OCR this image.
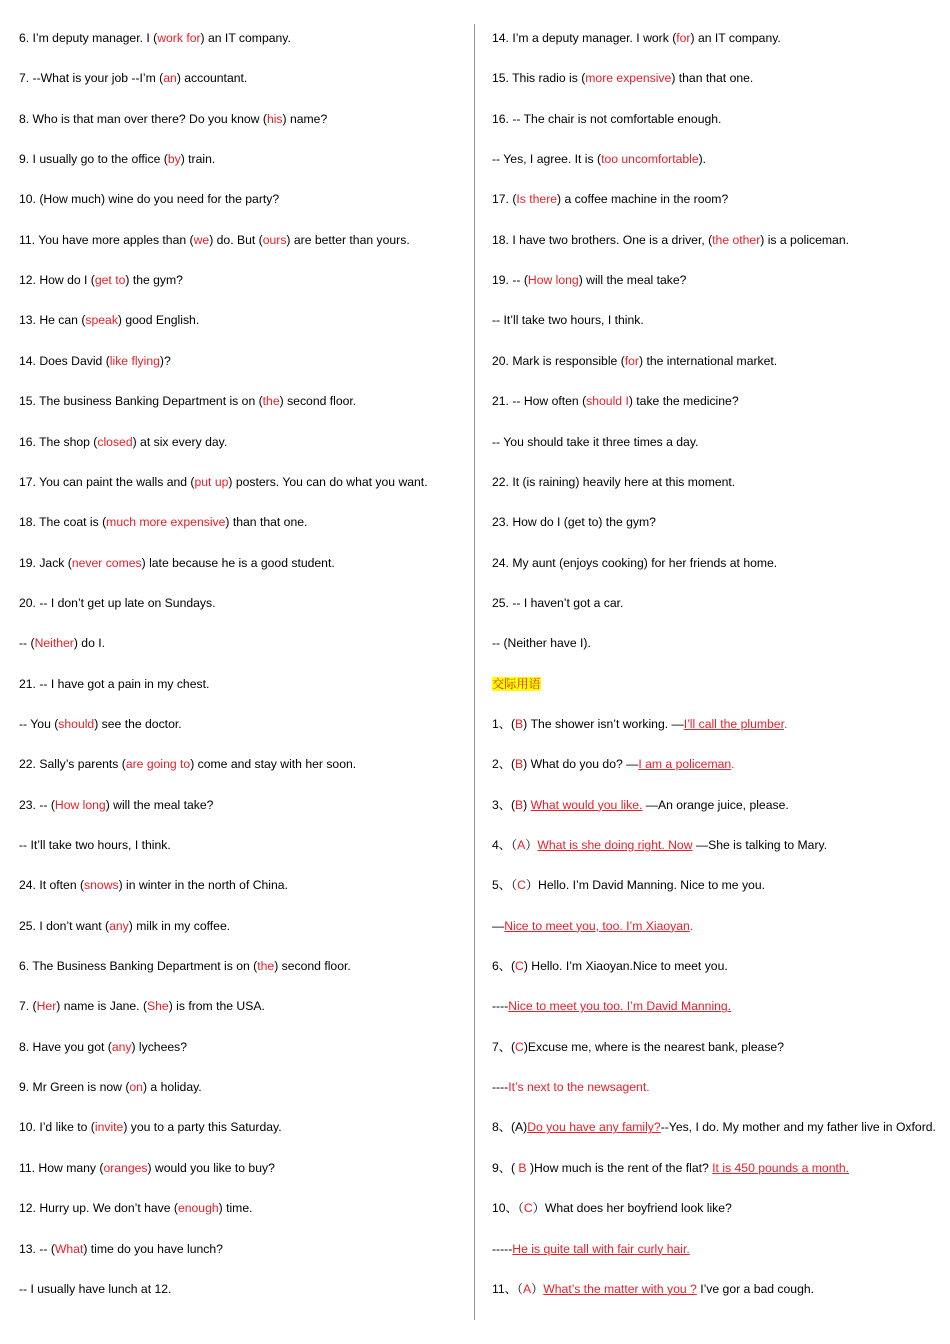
6. I’m deputy manager. I (work for) an IT company.
7. --What is your job --I’m (an) accountant.
8. Who is that man over there? Do you know (his) name?
9. I usually go to the office (by) train.
10. (How much) wine do you need for the party?
11. You have more apples than (we) do. But (ours) are better than yours.
12. How do I (get to) the gym?
13. He can (speak) good English.
14. Does David (like flying)?
15. The business Banking Department is on (the) second floor.
16. The shop (closed) at six every day.
17. You can paint the walls and (put up) posters. You can do what you want.
18. The coat is (much more expensive) than that one.
19. Jack (never comes) late because he is a good student.
20. -- I don’t get up late on Sundays.
-- (Neither) do I.
21. -- I have got a pain in my chest.
-- You (should) see the doctor.
22. Sally’s parents (are going to) come and stay with her soon.
23. -- (How long) will the meal take?
-- It’ll take two hours, I think.
24. It often (snows) in winter in the north of China.
25. I don’t want (any) milk in my coffee.
6. The Business Banking Department is on (the) second floor.
7. (Her) name is Jane. (She) is from the USA.
8. Have you got (any) lychees?
9. Mr Green is now (on) a holiday.
10. I’d like to (invite) you to a party this Saturday.
11. How many (oranges) would you like to buy?
12. Hurry up. We don’t have (enough) time.
13. -- (What) time do you have lunch?
-- I usually have lunch at 12.
14. I’m a deputy manager. I work (for) an IT company.
15. This radio is (more expensive) than that one.
16. -- The chair is not comfortable enough.
-- Yes, I agree. It is (too uncomfortable).
17. (Is there) a coffee machine in the room?
18. I have two brothers. One is a driver, (the other) is a policeman.
19. -- (How long) will the meal take?
-- It’ll take two hours, I think.
20. Mark is responsible (for) the international market.
21. -- How often (should I) take the medicine?
-- You should take it three times a day.
22. It (is raining) heavily here at this moment.
23. How do I (get to) the gym?
24. My aunt (enjoys cooking) for her friends at home.
25. -- I haven’t got a car.
-- (Neither have I).
交际用语
1、(B) The shower isn’t working. —I’ll call the plumber.
2、(B) What do you do? —I am a policeman.
3、(B) What would you like. —An orange juice, please.
4、（A）What is she doing right. Now —She is talking to Mary.
5、（C）Hello. I’m David Manning. Nice to me you.
—Nice to meet you, too. I’m Xiaoyan.
6、(C) Hello. I’m Xiaoyan.Nice to meet you.
----Nice to meet you too. I’m David Manning.
7、(C)Excuse me, where is the nearest bank, please?
----It’s next to the newsagent.
8、(A)Do you have any family?--Yes, I do. My mother and my father live in Oxford.
9、( B )How much is the rent of the flat? It is 450 pounds a month.
10、（C）What does her boyfriend look like?
-----He is quite tall with fair curly hair.
11、（A）What’s the matter with you ? I’ve gor a bad cough.
